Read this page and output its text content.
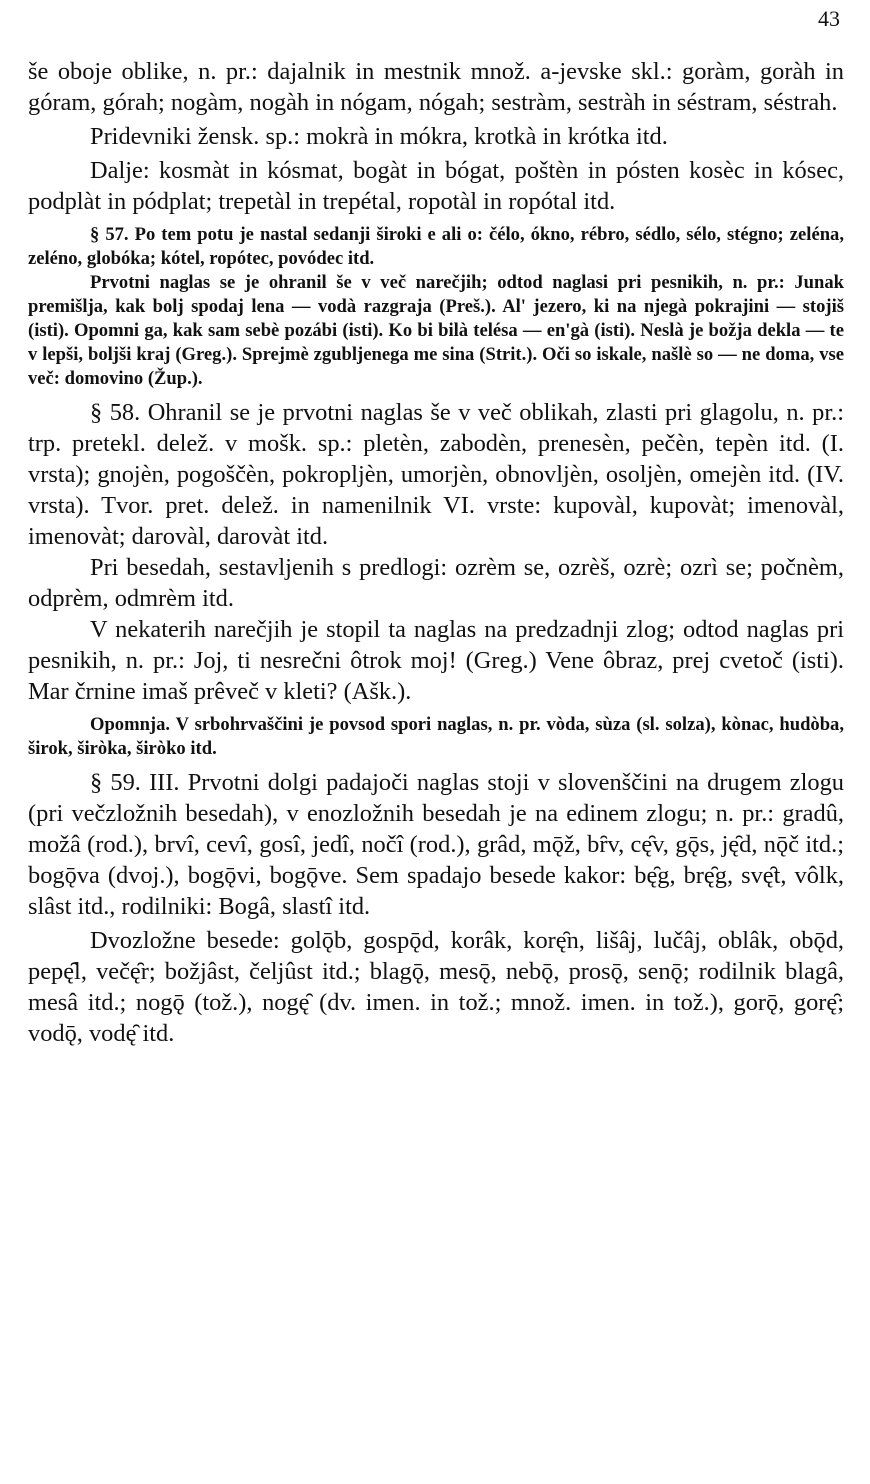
43

še oboje oblike, n. pr.: dajalnik in mestnik množ. a-jevske skl.: goràm, goràh in góram, górah; nogàm, nogàh in nógam, nógah; sestràm, sestràh in séstram, séstrah.

Pridevniki žensk. sp.: mokrà in mókra, krotkà in krótka itd.

Dalje: kosmàt in kósmat, bogàt in bógat, poštèn in pósten kosèc in kósec, podplàt in pódplat; trepetàl in trepétal, ropotàl in ropótal itd.

§ 57. Po tem potu je nastal sedanji široki e ali o: čélo, ókno, rébro, sédlo, sélo, stégno; zeléna, zeléno, globóka; kótel, ropótec, povódec itd.

Prvotni naglas se je ohranil še v več narečjih; odtod naglasi pri pesnikih, n. pr.: Junak premišlja, kak bolj spodaj lena — vodà razgraja (Preš.). Al' jezero, ki na njegà pokrajini — stojiš (isti). Opomni ga, kak sam sebè pozábi (isti). Ko bi bilà telésa — en'gà (isti). Neslà je božja dekla — te v lepši, boljši kraj (Greg.). Sprejmè zgubljenega me sina (Strit.). Oči so iskale, našlè so — ne doma, vse več: domovino (Žup.).

§ 58. Ohranil se je prvotni naglas še v več oblikah, zlasti pri glagolu, n. pr.: trp. pretekl. delež. v mošk. sp.: pletèn, zabodèn, prenesèn, pečèn, tepèn itd. (I. vrsta); gnojèn, pogoščèn, pokropljèn, umorjèn, obnovljèn, osoljèn, omejèn itd. (IV. vrsta). Tvor. pret. delež. in namenilnik VI. vrste: kupovàl, kupovàt; imenovàl, imenovàt; darovàl, darovàt itd.

Pri besedah, sestavljenih s predlogi: ozrèm se, ozrèš, ozrè; ozrì se; počnèm, odprèm, odmrèm itd.

V nekaterih narečjih je stopil ta naglas na predzadnji zlog; odtod naglas pri pesnikih, n. pr.: Joj, ti nesrečni ôtrok moj! (Greg.) Vene ôbraz, prej cvetoč (isti). Mar črnine imaš prêveč v kleti? (Ašk.).

Opomnja. V srbohrvaščini je povsod spori naglas, n. pr. vòda, sùza (sl. solza), kònac, hudòba, širok, širòka, širòko itd.

§ 59. III. Prvotni dolgi padajoči naglas stoji v slovenščini na drugem zlogu (pri večzložnih besedah), v enozložnih besedah je na edinem zlogu; n. pr.: gradû, možâ (rod.), brvî, cevî, gosî, jedî, nočî (rod.), grâd, mǭž, bȓv, cę̑v, gǭs, ję̑d, nǭč itd.; bogǭva (dvoj.), bogǭvi, bogǭve. Sem spadajo besede kakor: bę̑g, brę̑g, svę̑t, vôlk, slâst itd., rodilniki: Bogâ, slastî itd.

Dvozložne besede: golǭb, gospǭd, korâk, korę̑n, lišâj, lučâj, oblâk, obǭd, pepę̑l, večę̑r; božjâst, čeljûst itd.; blagǭ, mesǭ, nebǭ, prosǭ, senǭ; rodilnik blagâ, mesâ itd.; nogǭ (tož.), nogę̑ (dv. imen. in tož.; množ. imen. in tož.), gorǭ, gorę̑; vodǭ, vodę̑ itd.
